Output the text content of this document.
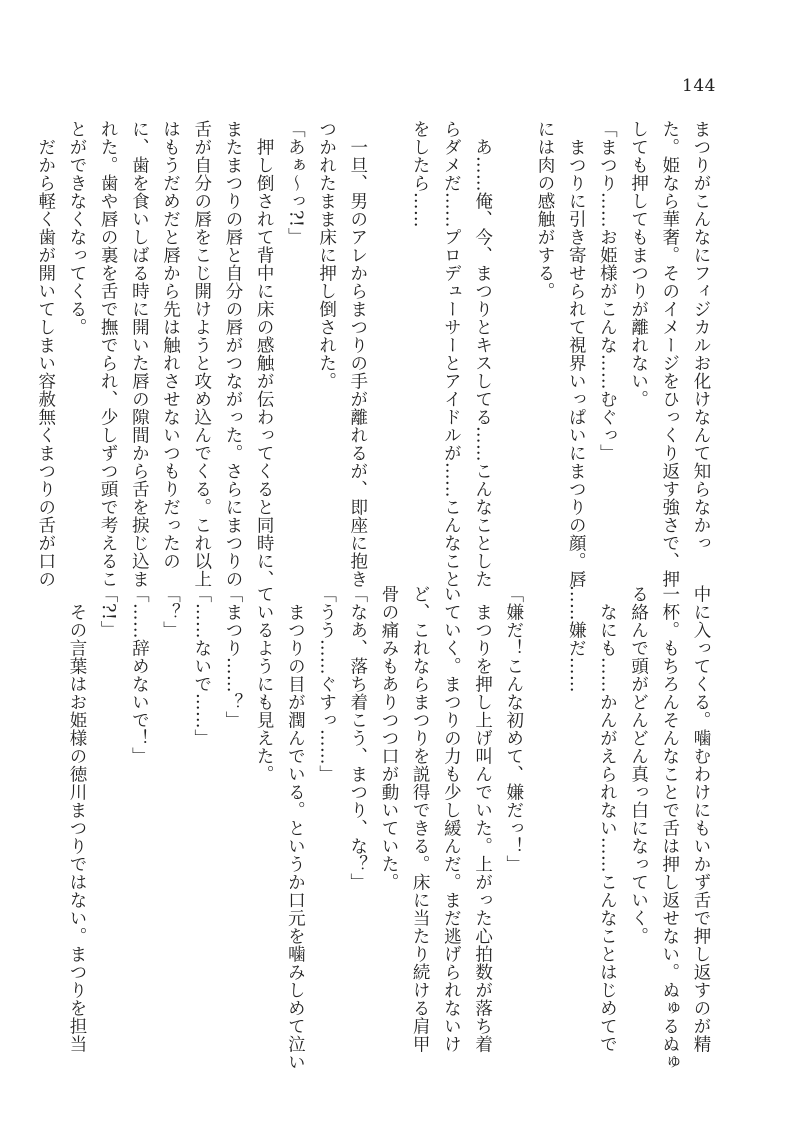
144
まつりがこんなにフィジカルお化けなんて知らなかっ
た。姫なら華奢。そのイメージをひっくり返す強さで、押
しても押してもまつりが離れない。
「まつり……お姫様がこんな……むぐっ」
　まつりに引き寄せられて視界いっぱいにまつりの顔。唇
には肉の感触がする。
　あ……俺、今、まつりとキスしてる……こんなことした
らダメだ……プロデューサーとアイドルが……こんなこと
をしたら……
　一旦、男のアレからまつりの手が離れるが、即座に抱き
つかれたまま床に押し倒された。
「あぁ～っ?!」
　押し倒されて背中に床の感触が伝わってくると同時に、
またまつりの唇と自分の唇がつながった。さらにまつりの
舌が自分の唇をこじ開けようと攻め込んでくる。これ以上
はもうだめだと唇から先は触れさせないつもりだったの
に、歯を食いしばる時に開いた唇の隙間から舌を捩じ込ま
れた。歯や唇の裏を舌で撫でられ、少しずつ頭で考えるこ
とができなくなってくる。
　だから軽く歯が開いてしまい容赦無くまつりの舌が口の
中に入ってくる。噛むわけにもいかず舌で押し返すのが精
一杯。もちろんそんなことで舌は押し返せない。ぬゅるぬゅ
る絡んで頭がどんどん真っ白になっていく。
　なにも……かんがえられない……こんなことはじめてで
……嫌だ……
「嫌だ！こんな初めて、嫌だっ！」
　まつりを押し上げ叫んでいた。上がった心拍数が落ち着
いていく。まつりの力も少し緩んだ。まだ逃げられないけ
ど、これならまつりを説得できる。床に当たり続ける肩甲
骨の痛みもありつつ口が動いていた。
「なあ、落ち着こう、まつり、な？」
「うう……ぐすっ……」
　まつりの目が潤んでいる。というか口元を噛みしめて泣い
ているようにも見えた。
「まつり……？」
「……ないで……」
「？」
「……辞めないで！」
「?!」
　その言葉はお姫様の徳川まつりではない。まつりを担当
